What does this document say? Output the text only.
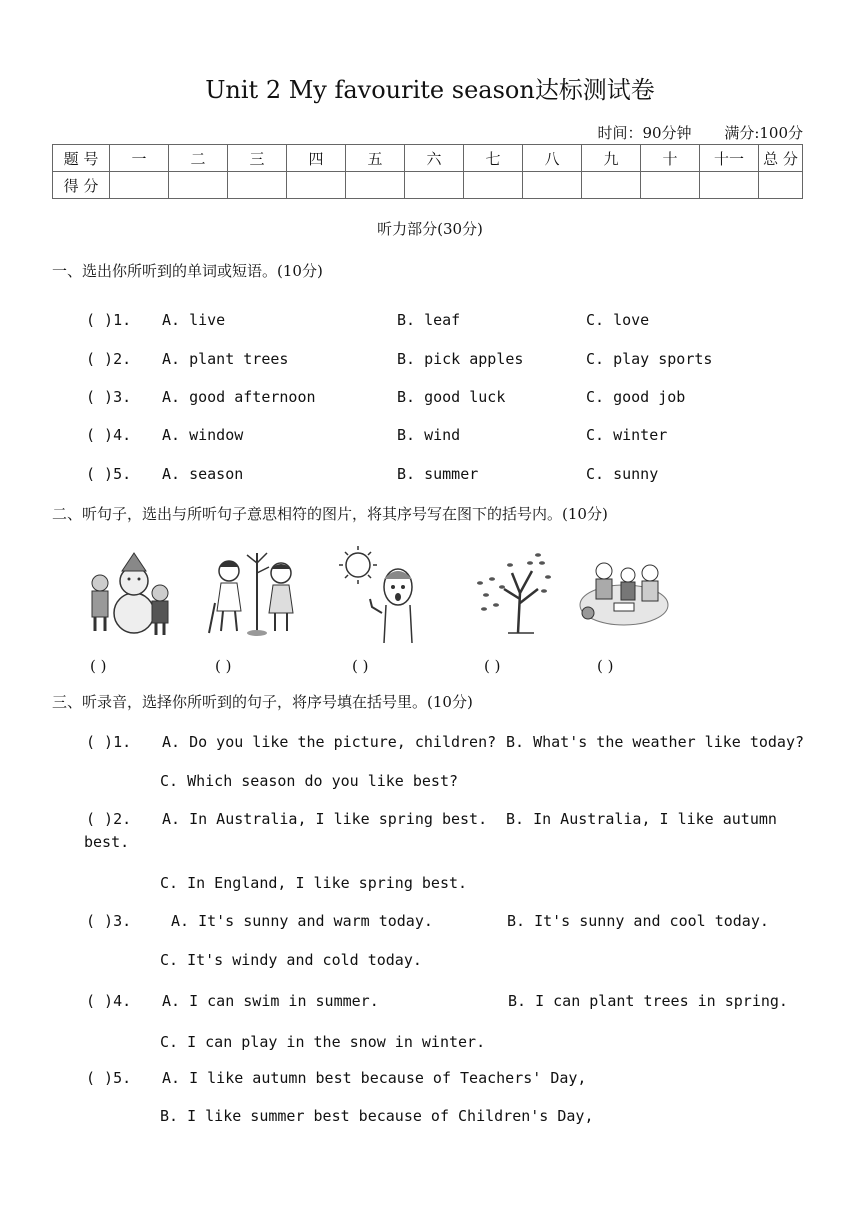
Unit 2 My favourite season达标测试卷
时间：90分钟 满分:100分
题 号	一	二	三	四	五	六	七	八	九	十	十一	总 分
得 分												
听力部分(30分)
一、选出你所听到的单词或短语。(10分)
( )1. A. live	B. leaf	C. love
( )2. A. plant trees	B. pick apples	C. play sports
( )3. A. good afternoon	B. good luck	C. good job
( )4. A. window	B. wind	C. winter
( )5. A. season	B. summer	C. sunny
二、听句子，选出与所听句子意思相符的图片，将其序号写在图下的括号内。(10分)
( )	( )	( )	( )	( )
三、听录音，选择你所听到的句子，将序号填在括号里。(10分)
( )1. A. Do you like the picture, children? B. What's the weather like today?
C. Which season do you like best?
( )2. A. In Australia, I like spring best. B. In Australia, I like autumn
best.
C. In England, I like spring best.
( )3.	A. It's sunny and warm today.	B. It's sunny and cool today.
C. It's windy and cold today.
( )4. A. I can swim in summer.	B. I can plant trees in spring.
C. I can play in the snow in winter.
( )5. A. I like autumn best because of Teachers' Day,
B. I like summer best because of Children's Day,
